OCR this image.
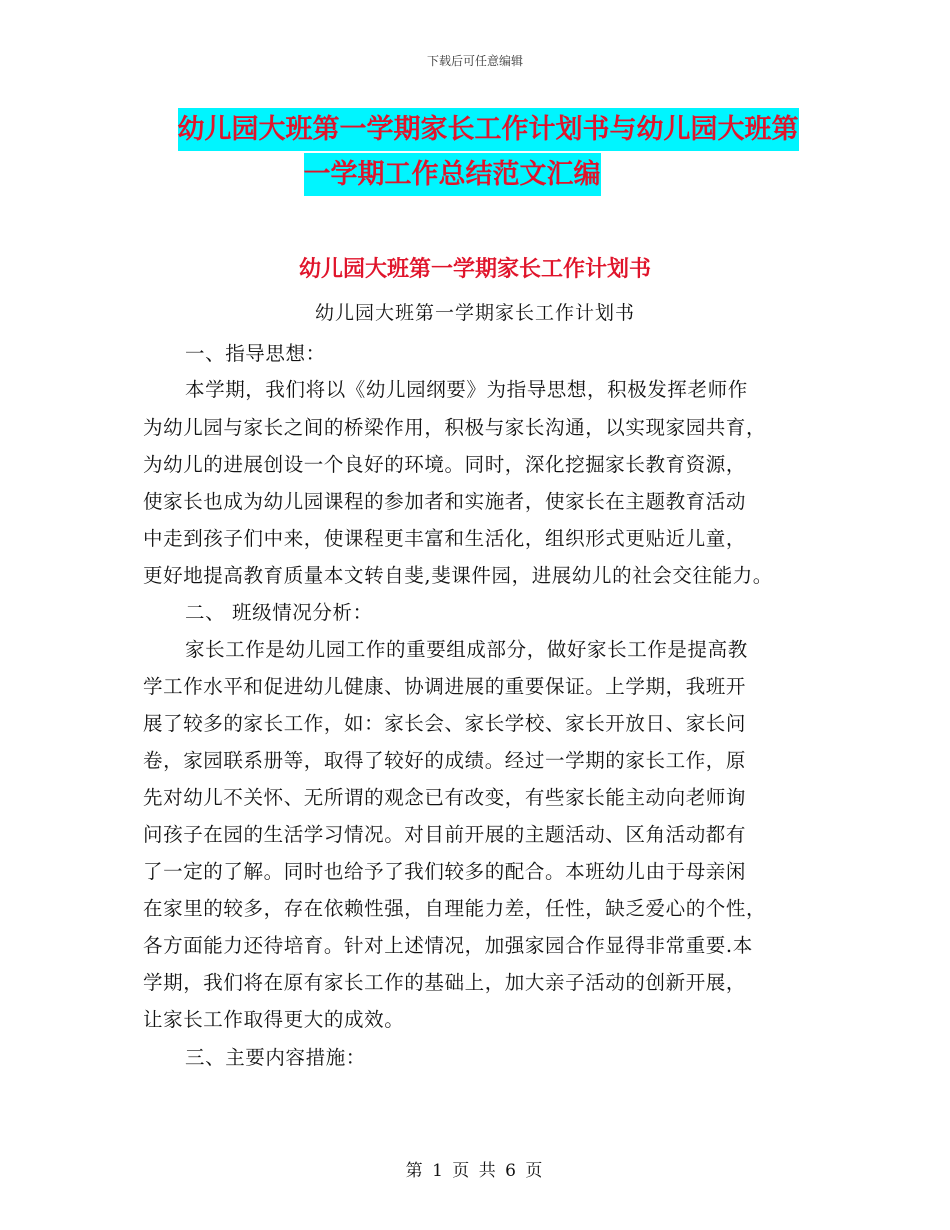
下载后可任意编辑
幼儿园大班第一学期家长工作计划书与幼儿园大班第
一学期工作总结范文汇编
幼儿园大班第一学期家长工作计划书
幼儿园大班第一学期家长工作计划书
一、指导思想：
本学期，我们将以《幼儿园纲要》为指导思想，积极发挥老师作
为幼儿园与家长之间的桥梁作用，积极与家长沟通，以实现家园共育，
为幼儿的进展创设一个良好的环境。同时，深化挖掘家长教育资源，
使家长也成为幼儿园课程的参加者和实施者，使家长在主题教育活动
中走到孩子们中来，使课程更丰富和生活化，组织形式更贴近儿童，
更好地提高教育质量本文转自斐,斐课件园，进展幼儿的社会交往能力。
二、 班级情况分析：
家长工作是幼儿园工作的重要组成部分，做好家长工作是提高教
学工作水平和促进幼儿健康、协调进展的重要保证。上学期，我班开
展了较多的家长工作，如：家长会、家长学校、家长开放日、家长问
卷，家园联系册等，取得了较好的成绩。经过一学期的家长工作，原
先对幼儿不关怀、无所谓的观念已有改变，有些家长能主动向老师询
问孩子在园的生活学习情况。对目前开展的主题活动、区角活动都有
了一定的了解。同时也给予了我们较多的配合。本班幼儿由于母亲闲
在家里的较多，存在依赖性强，自理能力差，任性，缺乏爱心的个性，
各方面能力还待培育。针对上述情况，加强家园合作显得非常重要.本
学期，我们将在原有家长工作的基础上，加大亲子活动的创新开展，
让家长工作取得更大的成效。
三、主要内容措施：
第 1 页 共 6 页
